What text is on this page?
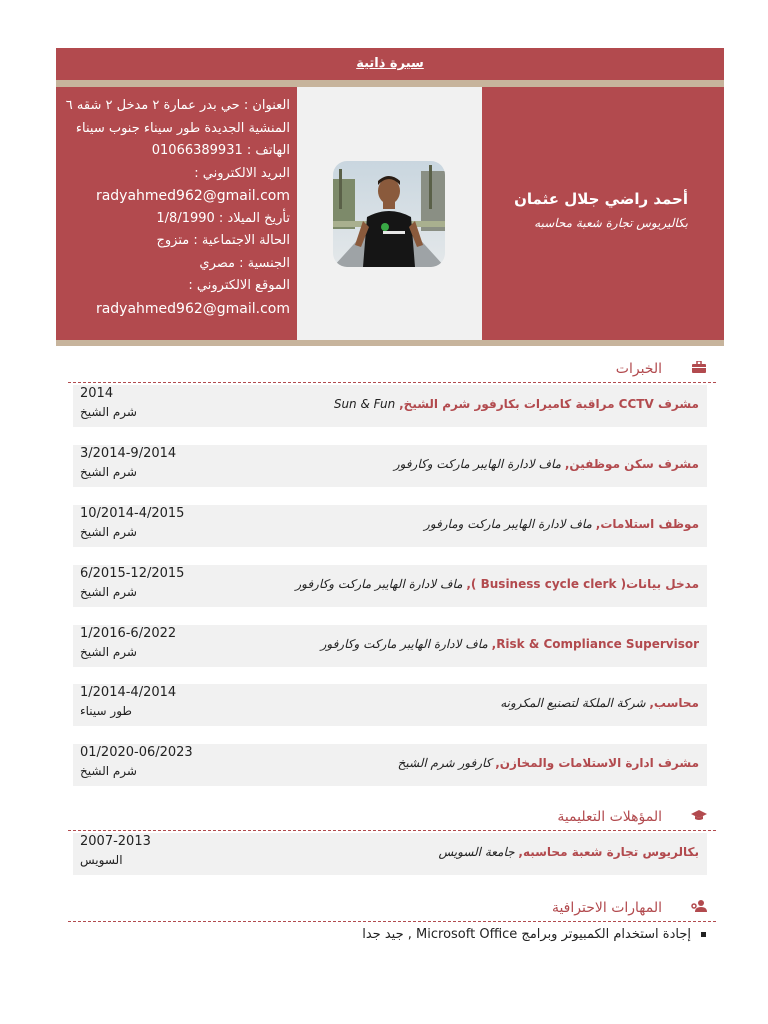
سيرة ذاتية
العنوان : حي بدر عمارة ٢ مدخل ٢ شقه ٦
المنشية الجديدة طور سيناء جنوب سيناء
الهاتف : 01066389931
البريد الالكتروني :
radyahmed962@gmail.com
تأريخ الميلاد : 1/8/1990
الحالة الاجتماعية : متزوج
الجنسية : مصري
الموقع الالكتروني :
radyahmed962@gmail.com
أحمد راضي جلال عثمان
بكاليريوس تجارة شعبة محاسبه
الخبرات
2014
شرم الشيخ
مشرف CCTV مراقبة كاميرات بكارفور شرم الشيخ, Sun & Fun
3/2014-9/2014
شرم الشيخ
مشرف سكن موظفين, ماف لادارة الهايبر ماركت وكارفور
10/2014-4/2015
شرم الشيخ
موظف استلامات, ماف لادارة الهايبر ماركت ومارفور
6/2015-12/2015
شرم الشيخ
مدخل بيانات( Business cycle clerk ), ماف لادارة الهايبر ماركت وكارفور
1/2016-6/2022
شرم الشيخ
Risk & Compliance Supervisor, ماف لادارة الهايبر ماركت وكارفور
1/2014-4/2014
طور سيناء
محاسب, شركة الملكة لتصنيع المكرونه
01/2020-06/2023
شرم الشيخ
مشرف ادارة الاستلامات والمخازن, كارفور شرم الشيخ
المؤهلات التعليمية
2007-2013
السويس
بكالريوس تجارة شعبة محاسبه, جامعة السويس
المهارات الاحترافية
إجادة استخدام الكمبيوتر وبرامج Microsoft Office , جيد جدا
